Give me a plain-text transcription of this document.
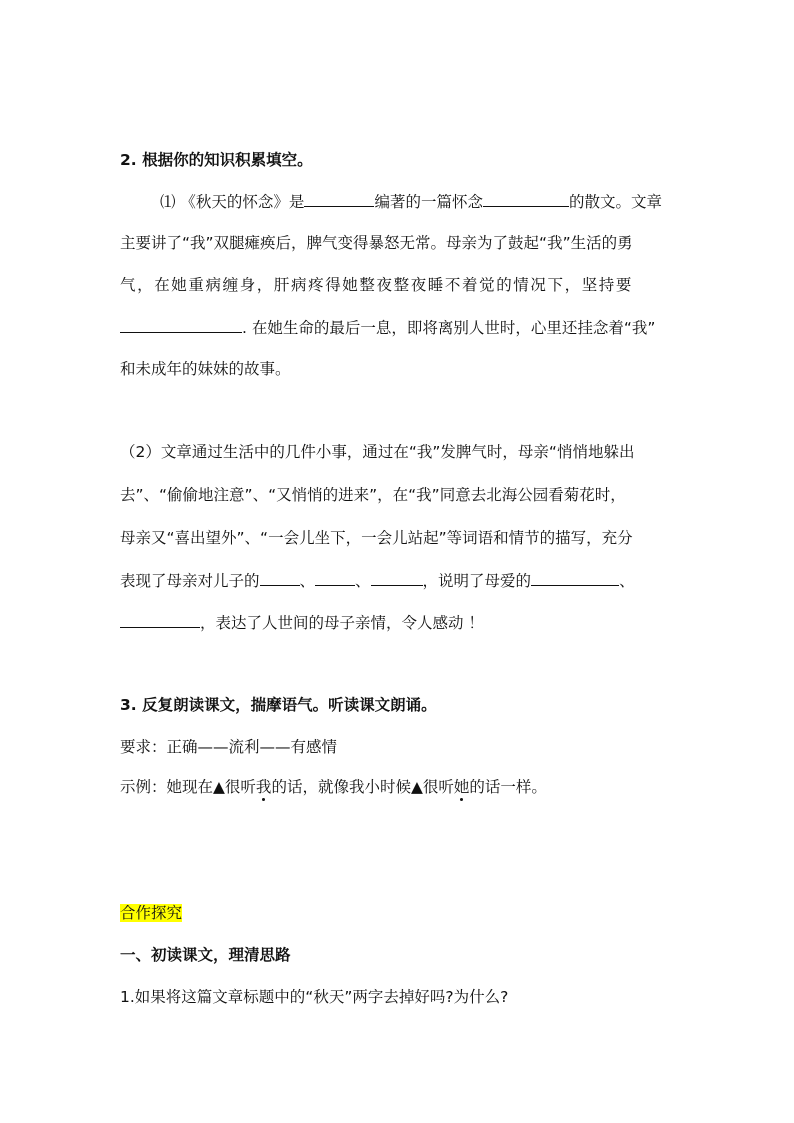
2. 根据你的知识积累填空。
⑴ 《秋天的怀念》是	编著的一篇怀念	的散文。文章
主要讲了“我”双腿瘫痪后，脾气变得暴怒无常。母亲为了鼓起“我”生活的勇
气，在她重病缠身，肝病疼得她整夜整夜睡不着觉的情况下，坚持要
. 在她生命的最后一息，即将离别人世时，心里还挂念着“我”
和未成年的妹妹的故事。
（2）文章通过生活中的几件小事，通过在“我”发脾气时，母亲“悄悄地躲出
去”、“偷偷地注意”、“又悄悄的进来”，在“我”同意去北海公园看菊花时，
母亲又“喜出望外”、“一会儿坐下，一会儿站起”等词语和情节的描写，充分
表现了母亲对儿子的	、	、	，说明了母爱的	、
，表达了人世间的母子亲情，令人感动 ！
3. 反复朗读课文，揣摩语气。听读课文朗诵。
要求：正确——流利——有感情
示例：她现在▲很听我的话，就像我小时候▲很听她的话一样。
合作探究
一、初读课文，理清思路
1.如果将这篇文章标题中的“秋天”两字去掉好吗?为什么?
